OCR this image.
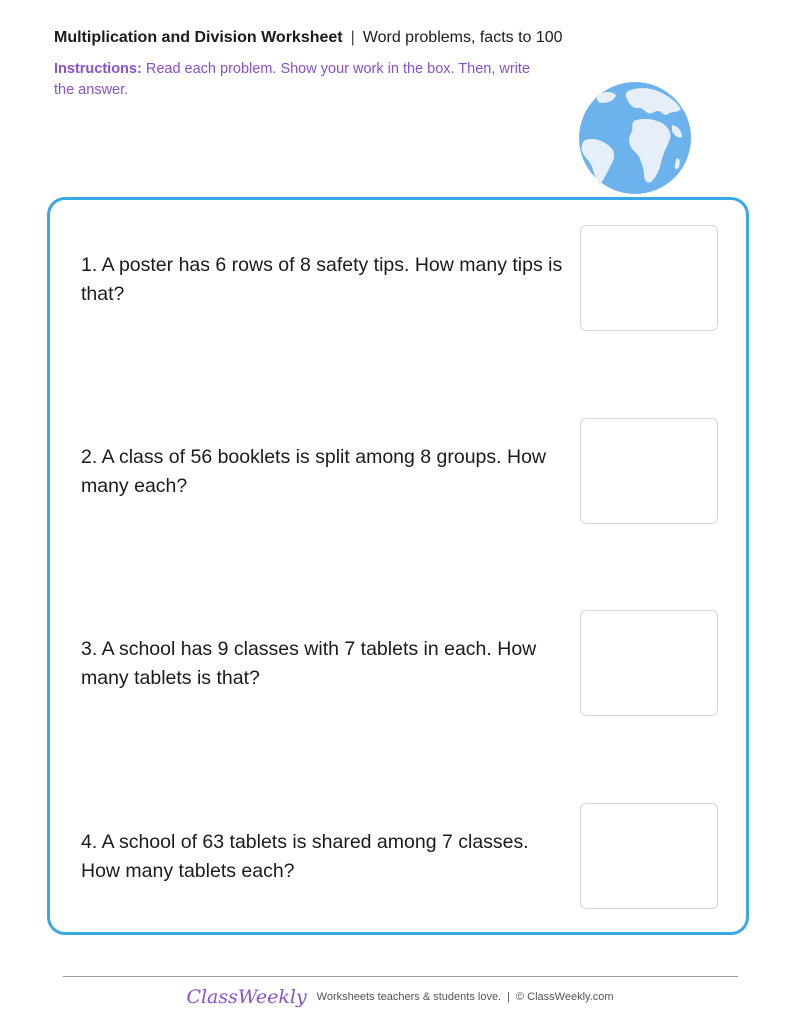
Multiplication and Division Worksheet | Word problems, facts to 100
Instructions: Read each problem. Show your work in the box. Then, write the answer.
1. A poster has 6 rows of 8 safety tips. How many tips is that?
2. A class of 56 booklets is split among 8 groups. How many each?
3. A school has 9 classes with 7 tablets in each. How many tablets is that?
4. A school of 63 tablets is shared among 7 classes. How many tablets each?
ClassWeekly Worksheets teachers & students love. | © ClassWeekly.com
